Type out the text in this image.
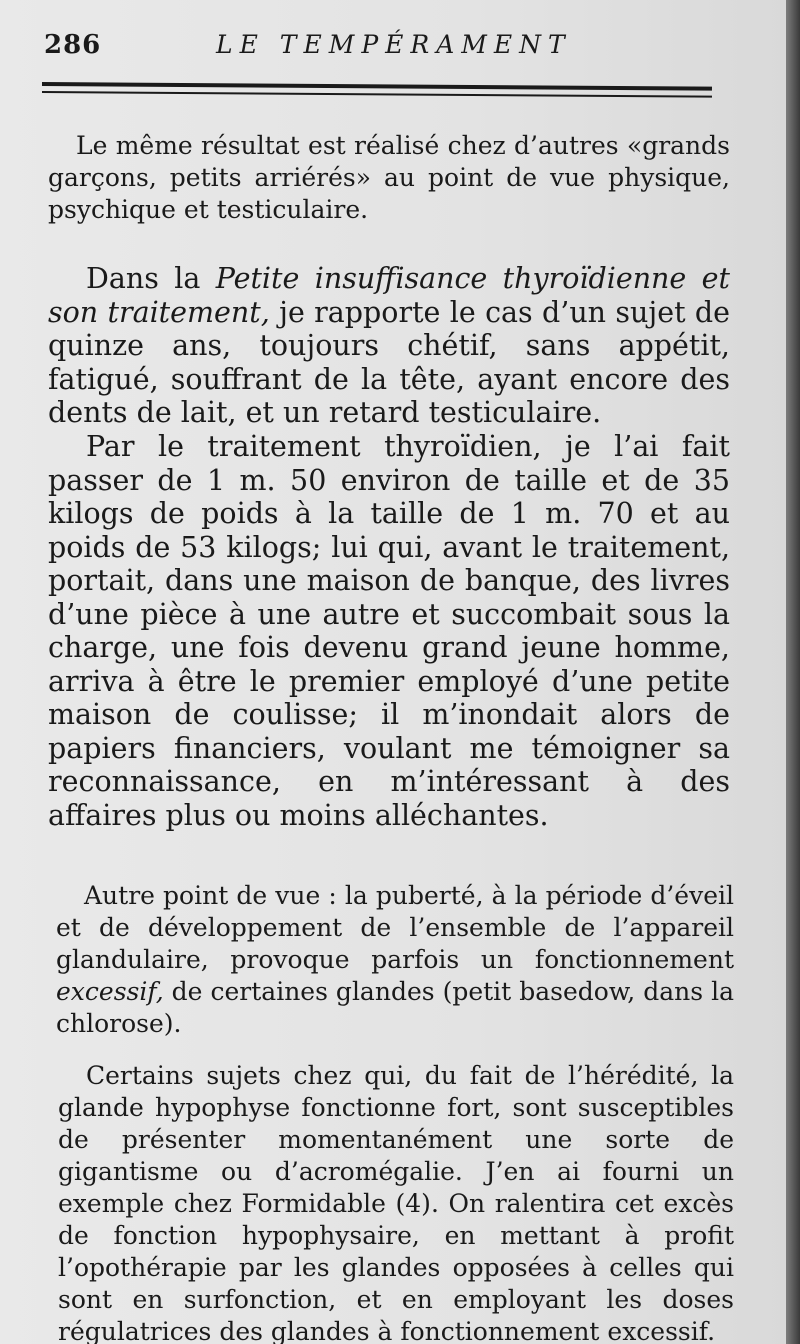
286	LE TEMPÉRAMENT

Le même résultat est réalisé chez d’autres «grands garçons, petits arriérés» au point de vue physique, psychique et testiculaire.

Dans la Petite insuffisance thyroïdienne et son traitement, je rapporte le cas d’un sujet de quinze ans, toujours chétif, sans appétit, fatigué, souffrant de la tête, ayant encore des dents de lait, et un retard testiculaire.

Par le traitement thyroïdien, je l’ai fait passer de 1 m. 50 environ de taille et de 35 kilogs de poids à la taille de 1 m. 70 et au poids de 53 kilogs; lui qui, avant le traitement, portait, dans une maison de banque, des livres d’une pièce à une autre et succombait sous la charge, une fois devenu grand jeune homme, arriva à être le premier employé d’une petite maison de coulisse; il m’inondait alors de papiers financiers, voulant me témoigner sa reconnaissance, en m’intéressant à des affaires plus ou moins alléchantes.

Autre point de vue : la puberté, à la période d’éveil et de développement de l’ensemble de l’appareil glandulaire, provoque parfois un fonctionnement excessif, de certaines glandes (petit basedow, dans la chlorose).

Certains sujets chez qui, du fait de l’hérédité, la glande hypophyse fonctionne fort, sont susceptibles de présenter momentanément une sorte de gigantisme ou d’acromégalie. J’en ai fourni un exemple chez Formidable (4). On ralentira cet excès de fonction hypophysaire, en mettant à profit l’opothérapie par les glandes opposées à celles qui sont en surfonction, et en employant les doses régulatrices des glandes à fonctionnement excessif.
